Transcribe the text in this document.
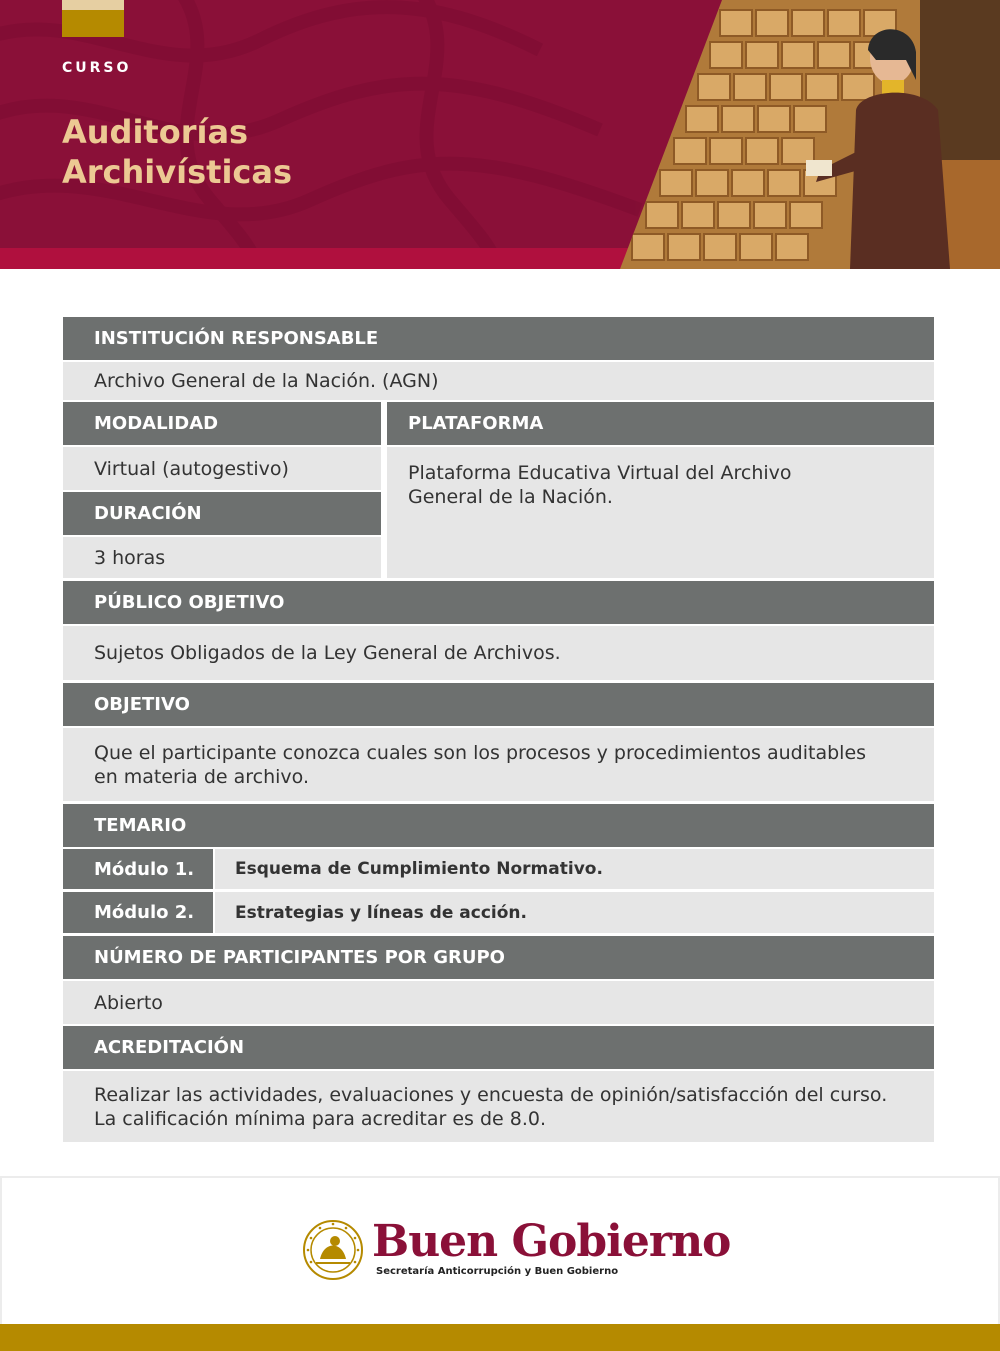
CURSO
Auditorías
Archivísticas
INSTITUCIÓN RESPONSABLE
Archivo General de la Nación. (AGN)
MODALIDAD
Virtual (autogestivo)
DURACIÓN
3 horas
PLATAFORMA
Plataforma Educativa Virtual del Archivo
General de la Nación.
PÚBLICO OBJETIVO
Sujetos Obligados de la Ley General de Archivos.
OBJETIVO
Que el participante conozca cuales son los procesos y procedimientos auditables
en materia de archivo.
TEMARIO
Módulo 1.	Esquema de Cumplimiento Normativo.
Módulo 2.	Estrategias y líneas de acción.
NÚMERO DE PARTICIPANTES POR GRUPO
Abierto
ACREDITACIÓN
Realizar las actividades, evaluaciones y encuesta de opinión/satisfacción del curso.
La calificación mínima para acreditar es de 8.0.
Buen Gobierno
Secretaría Anticorrupción y Buen Gobierno
